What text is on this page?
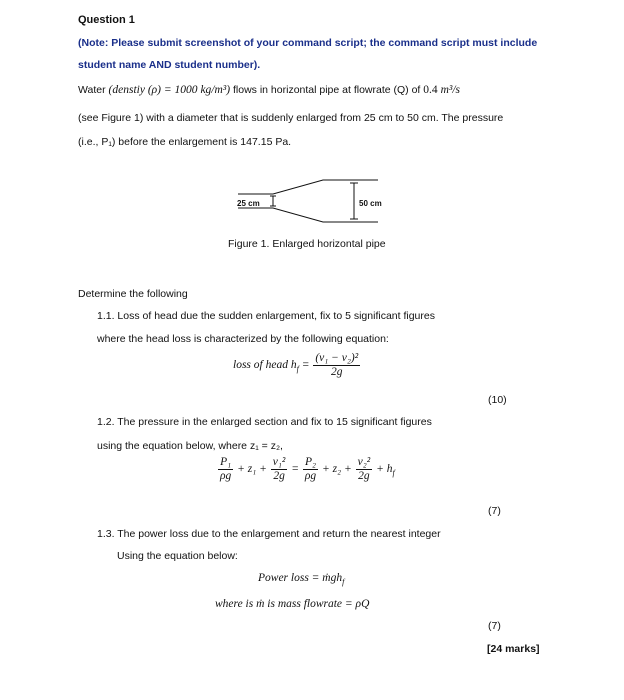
Question 1
(Note: Please submit screenshot of your command script; the command script must include
student name AND student number).
Water (denstiy (ρ) = 1000 kg/m³) flows in horizontal pipe at flowrate (Q) of 0.4 m³/s
(see Figure 1) with a diameter that is suddenly enlarged from 25 cm to 50 cm. The pressure
(i.e., P₁) before the enlargement is 147.15 Pa.
25 cm	50 cm
Figure 1. Enlarged horizontal pipe
Determine the following
1.1. Loss of head due the sudden enlargement, fix to 5 significant figures
where the head loss is characterized by the following equation:
loss of head $h_f = \frac{\text{(v₁ − v₂)²}}{2g}$
(10)
1.2. The pressure in the enlarged section and fix to 15 significant figures
using the equation below, where z₁ = z₂,
$\frac{\text{P₁}}{\rho g} + z_1 + \frac{\text{v₁²}}{2g} = \frac{\text{P₂}}{\rho g} + z_2 + \frac{\text{v₂²}}{2g} + h_f$
(7)
1.3. The power loss due to the enlargement and return the nearest integer
Using the equation below:
Power loss = ṁgh$_f$
where is ṁ is mass flowrate = ρQ
(7)
[24 marks]
